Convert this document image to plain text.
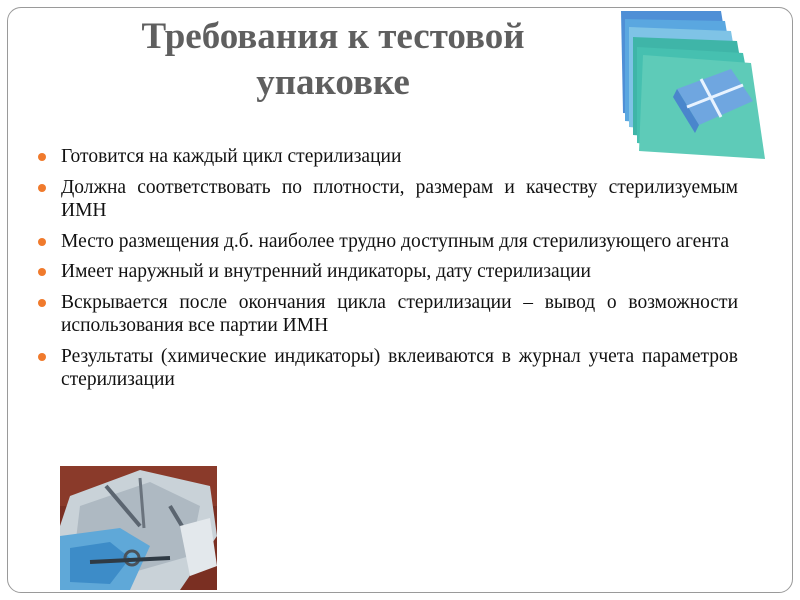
Требования к тестовой
упаковке
Готовится на каждый цикл стерилизации
Должна соответствовать по плотности, размерам и качеству стерилизуемым ИМН
Место размещения д.б. наиболее трудно доступным для стерилизующего агента
Имеет наружный и внутренний индикаторы, дату стерилизации
Вскрывается после окончания цикла стерилизации – вывод о возможности использования все партии ИМН
Результаты (химические индикаторы) вклеиваются в журнал учета параметров стерилизации
